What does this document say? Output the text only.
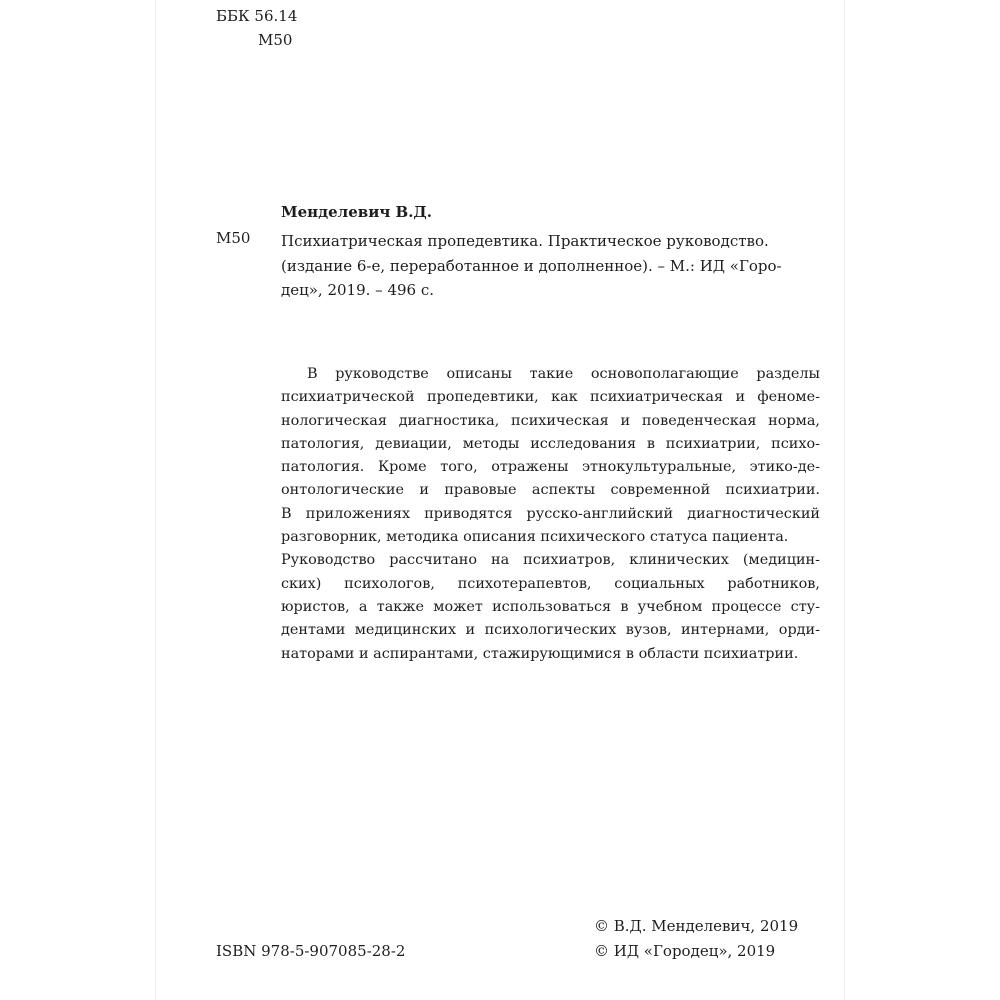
ББК 56.14
М50
Менделевич В.Д.
М50 Психиатрическая пропедевтика. Практическое руководство.
(издание 6-е, переработанное и дополненное). – М.: ИД «Горо-
дец», 2019. – 496 с.
В руководстве описаны такие основополагающие разделы
психиатрической пропедевтики, как психиатрическая и феноме-
нологическая диагностика, психическая и поведенческая норма,
патология, девиации, методы исследования в психиатрии, психо-
патология. Кроме того, отражены этнокультуральные, этико-де-
онтологические и правовые аспекты современной психиатрии.
В приложениях приводятся русско-английский диагностический
разговорник, методика описания психического статуса пациента.
Руководство рассчитано на психиатров, клинических (медицин-
ских) психологов, психотерапевтов, социальных работников,
юристов, а также может использоваться в учебном процессе сту-
дентами медицинских и психологических вузов, интернами, орди-
наторами и аспирантами, стажирующимися в области психиатрии.
© В.Д. Менделевич, 2019
ISBN 978-5-907085-28-2	© ИД «Городец», 2019
